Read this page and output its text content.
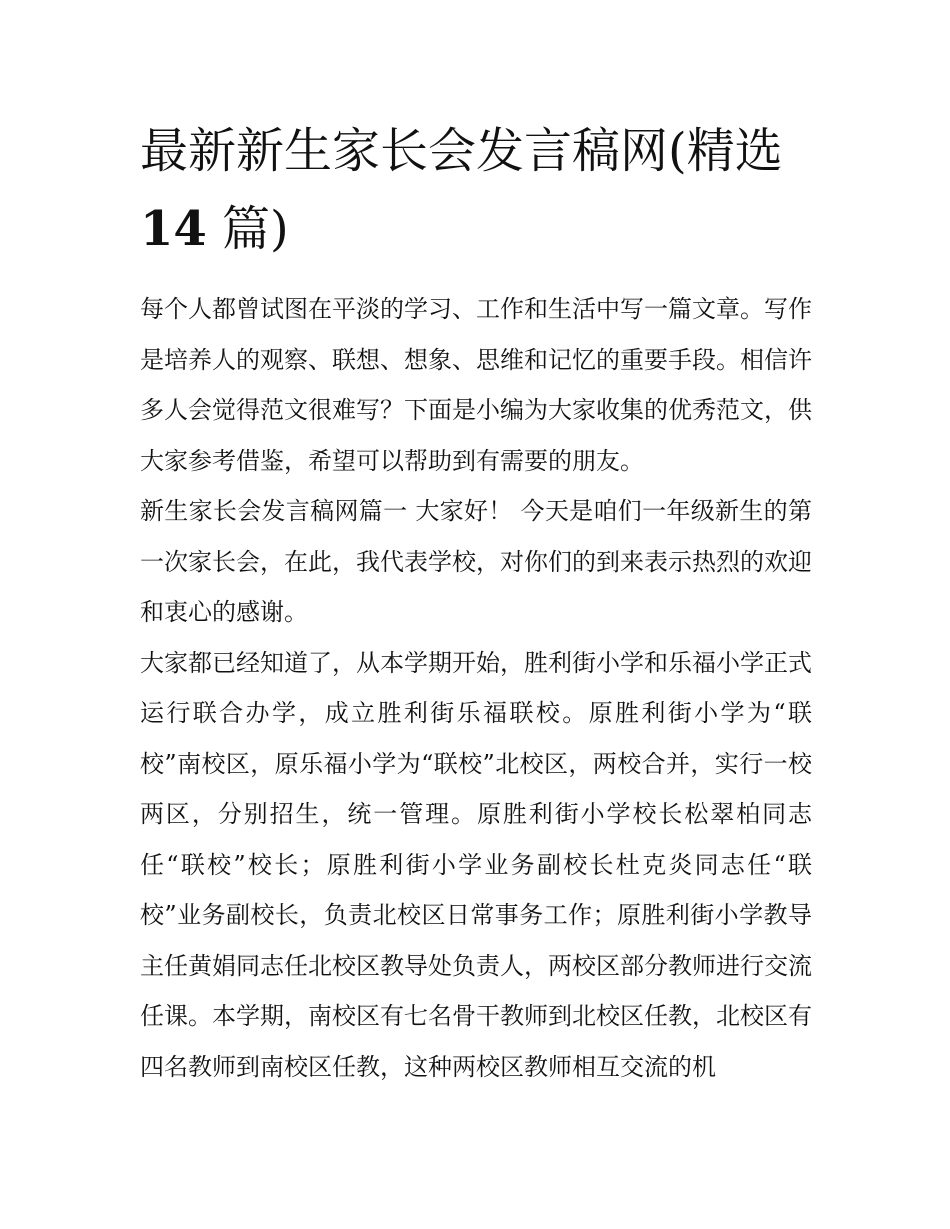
最新新生家长会发言稿网(精选14 篇)

每个人都曾试图在平淡的学习、工作和生活中写一篇文章。写作是培养人的观察、联想、想象、思维和记忆的重要手段。相信许多人会觉得范文很难写？下面是小编为大家收集的优秀范文，供大家参考借鉴，希望可以帮助到有需要的朋友。

新生家长会发言稿网篇一 大家好！ 今天是咱们一年级新生的第一次家长会，在此，我代表学校，对你们的到来表示热烈的欢迎和衷心的感谢。

大家都已经知道了，从本学期开始，胜利街小学和乐福小学正式运行联合办学，成立胜利街乐福联校。原胜利街小学为“联校”南校区，原乐福小学为“联校”北校区，两校合并，实行一校两区，分别招生，统一管理。原胜利街小学校长松翠柏同志任“联校”校长；原胜利街小学业务副校长杜克炎同志任“联校”业务副校长，负责北校区日常事务工作；原胜利街小学教导主任黄娟同志任北校区教导处负责人，两校区部分教师进行交流任课。本学期，南校区有七名骨干教师到北校区任教，北校区有四名教师到南校区任教，这种两校区教师相互交流的机
